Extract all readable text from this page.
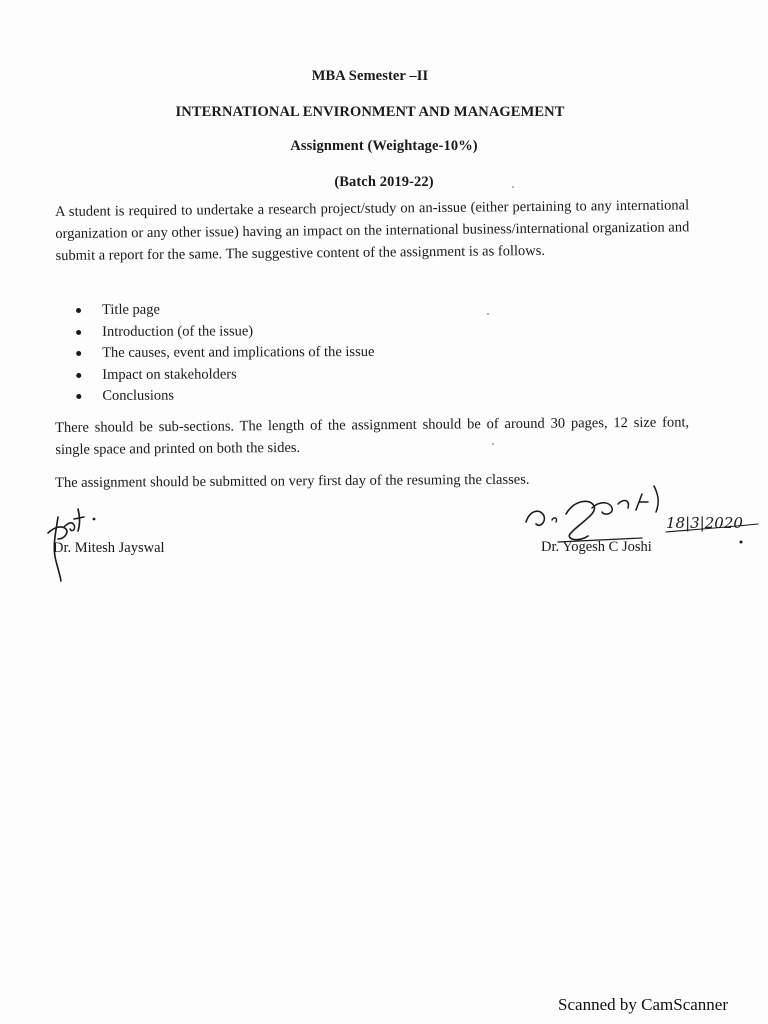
MBA Semester –II
INTERNATIONAL ENVIRONMENT AND MANAGEMENT
Assignment (Weightage-10%)
(Batch 2019-22)
A student is required to undertake a research project/study on an-issue (either pertaining to any international organization or any other issue) having an impact on the international business/international organization and submit a report for the same. The suggestive content of the assignment is as follows.
Title page
Introduction (of the issue)
The causes, event and implications of the issue
Impact on stakeholders
Conclusions
There should be sub-sections. The length of the assignment should be of around 30 pages, 12 size font, single space and printed on both the sides.
The assignment should be submitted on very first day of the resuming the classes.
Dr. Mitesh Jayswal
18|3|2020
Dr. Yogesh C Joshi
Scanned by CamScanner
